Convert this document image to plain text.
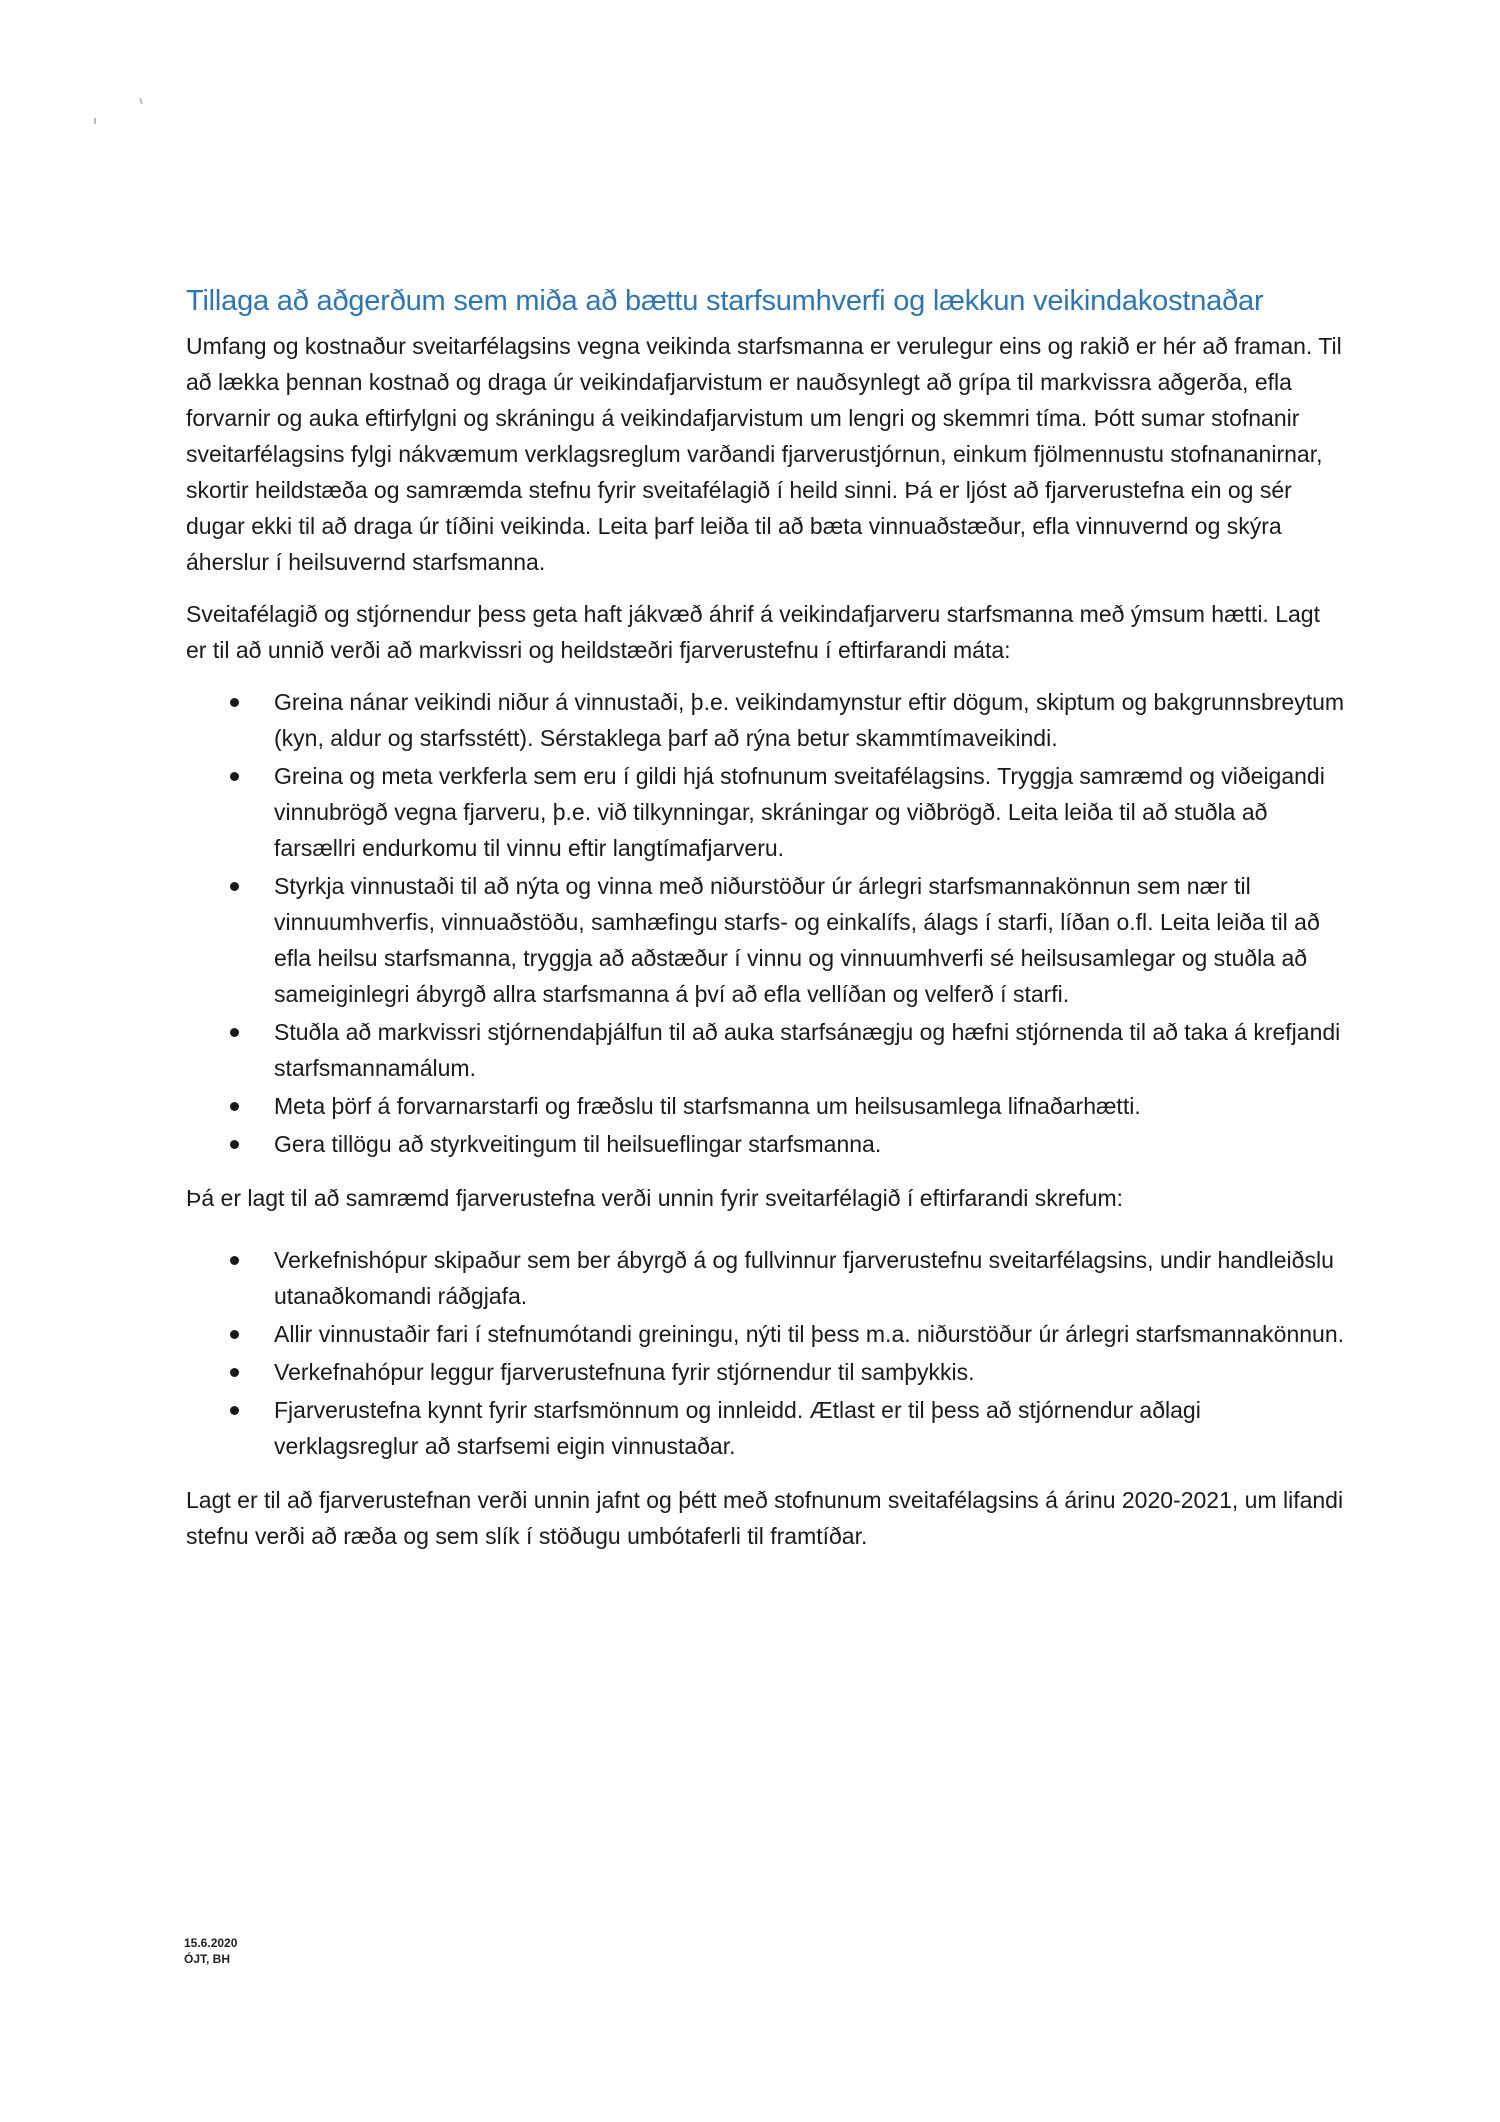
Tillaga að aðgerðum sem miða að bættu starfsumhverfi og lækkun veikindakostnaðar

Umfang og kostnaður sveitarfélagsins vegna veikinda starfsmanna er verulegur eins og rakið er hér að framan. Til að lækka þennan kostnað og draga úr veikindafjarvistum er nauðsynlegt að grípa til markvissra aðgerða, efla forvarnir og auka eftirfylgni og skráningu á veikindafjarvistum um lengri og skemmri tíma. Þótt sumar stofnanir sveitarfélagsins fylgi nákvæmum verklagsreglum varðandi fjarverustjórnun, einkum fjölmennustu stofnananirnar, skortir heildstæða og samræmda stefnu fyrir sveitafélagið í heild sinni. Þá er ljóst að fjarverustefna ein og sér dugar ekki til að draga úr tíðini veikinda. Leita þarf leiða til að bæta vinnuaðstæður, efla vinnuvernd og skýra áherslur í heilsuvernd starfsmanna.

Sveitafélagið og stjórnendur þess geta haft jákvæð áhrif á veikindafjarveru starfsmanna með ýmsum hætti. Lagt er til að unnið verði að markvissri og heildstæðri fjarverustefnu í eftirfarandi máta:

Greina nánar veikindi niður á vinnustaði, þ.e. veikindamynstur eftir dögum, skiptum og bakgrunnsbreytum (kyn, aldur og starfsstétt). Sérstaklega þarf að rýna betur skammtímaveikindi.
Greina og meta verkferla sem eru í gildi hjá stofnunum sveitafélagsins. Tryggja samræmd og viðeigandi vinnubrögð vegna fjarveru, þ.e. við tilkynningar, skráningar og viðbrögð. Leita leiða til að stuðla að farsællri endurkomu til vinnu eftir langtímafjarveru.
Styrkja vinnustaði til að nýta og vinna með niðurstöður úr árlegri starfsmannakönnun sem nær til vinnuumhverfis, vinnuaðstöðu, samhæfingu starfs- og einkalífs, álags í starfi, líðan o.fl. Leita leiða til að efla heilsu starfsmanna, tryggja að aðstæður í vinnu og vinnuumhverfi sé heilsusamlegar og stuðla að sameiginlegri ábyrgð allra starfsmanna á því að efla vellíðan og velferð í starfi.
Stuðla að markvissri stjórnendaþjálfun til að auka starfsánægju og hæfni stjórnenda til að taka á krefjandi starfsmannamálum.
Meta þörf á forvarnarstarfi og fræðslu til starfsmanna um heilsusamlega lifnaðarhætti.
Gera tillögu að styrkveitingum til heilsueflingar starfsmanna.

Þá er lagt til að samræmd fjarverustefna verði unnin fyrir sveitarfélagið í eftirfarandi skrefum:

Verkefnishópur skipaður sem ber ábyrgð á og fullvinnur fjarverustefnu sveitarfélagsins, undir handleiðslu utanaðkomandi ráðgjafa.
Allir vinnustaðir fari í stefnumótandi greiningu, nýti til þess m.a. niðurstöður úr árlegri starfsmannakönnun.
Verkefnahópur leggur fjarverustefnuna fyrir stjórnendur til samþykkis.
Fjarverustefna kynnt fyrir starfsmönnum og innleidd. Ætlast er til þess að stjórnendur aðlagi verklagsreglur að starfsemi eigin vinnustaðar.

Lagt er til að fjarverustefnan verði unnin jafnt og þétt með stofnunum sveitafélagsins á árinu 2020-2021, um lifandi stefnu verði að ræða og sem slík í stöðugu umbótaferli til framtíðar.

15.6.2020
ÓJT, BH
